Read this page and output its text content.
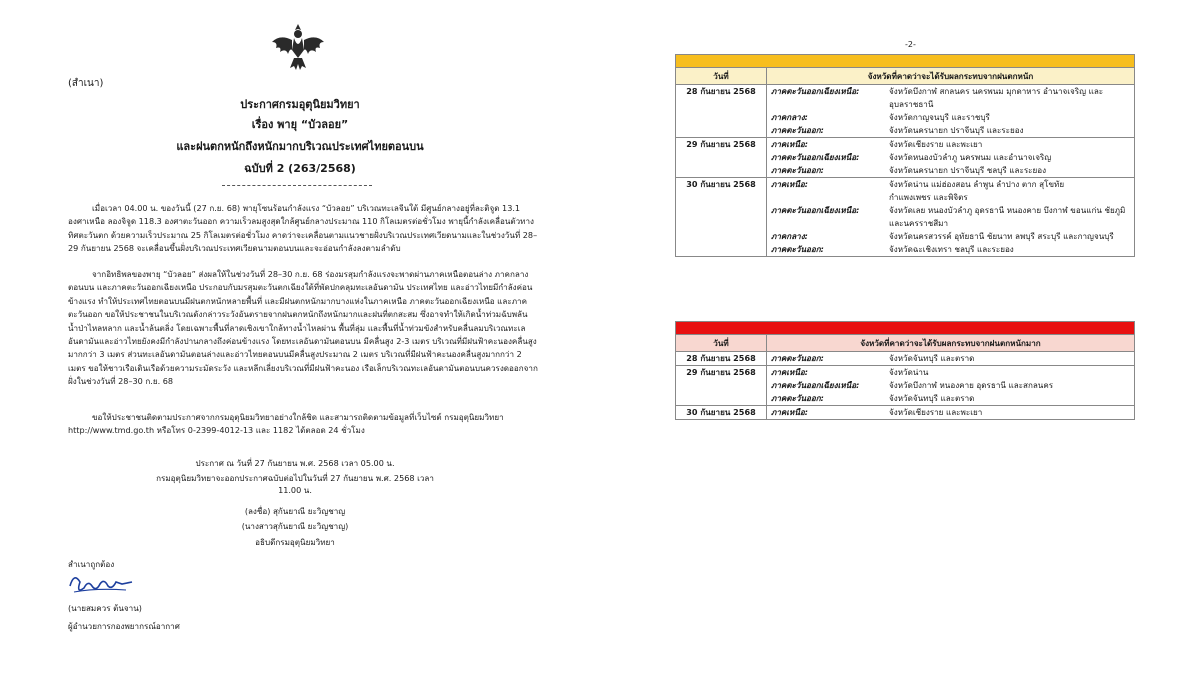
(สำเนา)
ประกาศกรมอุตุนิยมวิทยา
เรื่อง พายุ “บัวลอย”
และฝนตกหนักถึงหนักมากบริเวณประเทศไทยตอนบน
ฉบับที่ 2 (263/2568)
เมื่อเวลา 04.00 น. ของวันนี้ (27 ก.ย. 68) พายุโซนร้อนกำลังแรง “บัวลอย” บริเวณทะเลจีนใต้ มีศูนย์กลางอยู่ที่ละติจูด 13.1 องศาเหนือ ลองจิจูด 118.3 องศาตะวันออก ความเร็วลมสูงสุดใกล้ศูนย์กลางประมาณ 110 กิโลเมตรต่อชั่วโมง พายุนี้กำลังเคลื่อนตัวทางทิศตะวันตก ด้วยความเร็วประมาณ 25 กิโลเมตรต่อชั่วโมง คาดว่าจะเคลื่อนตามแนวชายฝั่งบริเวณประเทศเวียดนามและในช่วงวันที่ 28–29 กันยายน 2568 จะเคลื่อนขึ้นฝั่งบริเวณประเทศเวียดนามตอนบนและจะอ่อนกำลังลงตามลำดับ
จากอิทธิพลของพายุ “บัวลอย” ส่งผลให้ในช่วงวันที่ 28–30 ก.ย. 68 ร่องมรสุมกำลังแรงจะพาดผ่านภาคเหนือตอนล่าง ภาคกลางตอนบน และภาคตะวันออกเฉียงเหนือ ประกอบกับมรสุมตะวันตกเฉียงใต้ที่พัดปกคลุมทะเลอันดามัน ประเทศไทย และอ่าวไทยมีกำลังค่อนข้างแรง ทำให้ประเทศไทยตอนบนมีฝนตกหนักหลายพื้นที่ และมีฝนตกหนักมากบางแห่งในภาคเหนือ ภาคตะวันออกเฉียงเหนือ และภาคตะวันออก ขอให้ประชาชนในบริเวณดังกล่าวระวังอันตรายจากฝนตกหนักถึงหนักมากและฝนที่ตกสะสม ซึ่งอาจทำให้เกิดน้ำท่วมฉับพลัน น้ำป่าไหลหลาก และน้ำล้นตลิ่ง โดยเฉพาะพื้นที่ลาดเชิงเขาใกล้ทางน้ำไหลผ่าน พื้นที่ลุ่ม และพื้นที่น้ำท่วมขังสำหรับคลื่นลมบริเวณทะเลอันดามันและอ่าวไทยยังคงมีกำลังปานกลางถึงค่อนข้างแรง โดยทะเลอันดามันตอนบน มีคลื่นสูง 2-3 เมตร บริเวณที่มีฝนฟ้าคะนองคลื่นสูงมากกว่า 3 เมตร ส่วนทะเลอันดามันตอนล่างและอ่าวไทยตอนบนมีคลื่นสูงประมาณ 2 เมตร บริเวณที่มีฝนฟ้าคะนองคลื่นสูงมากกว่า 2 เมตร ขอให้ชาวเรือเดินเรือด้วยความระมัดระวัง และหลีกเลี่ยงบริเวณที่มีฝนฟ้าคะนอง เรือเล็กบริเวณทะเลอันดามันตอนบนควรงดออกจากฝั่งในช่วงวันที่ 28–30 ก.ย. 68
ขอให้ประชาชนติดตามประกาศจากกรมอุตุนิยมวิทยาอย่างใกล้ชิด และสามารถติดตามข้อมูลที่เว็บไซต์ กรมอุตุนิยมวิทยา http://www.tmd.go.th หรือโทร 0-2399-4012-13 และ 1182 ได้ตลอด 24 ชั่วโมง
ประกาศ ณ วันที่ 27 กันยายน พ.ศ. 2568 เวลา 05.00 น.
กรมอุตุนิยมวิทยาจะออกประกาศฉบับต่อไปในวันที่ 27 กันยายน พ.ศ. 2568 เวลา 11.00 น.
(ลงชื่อ) สุกันยาณี ยะวิญชาญ
(นางสาวสุกันยาณี ยะวิญชาญ)
อธิบดีกรมอุตุนิยมวิทยา
สำเนาถูกต้อง
(นายสมควร ต้นจาน)
ผู้อำนวยการกองพยากรณ์อากาศ
-2-

วันที่	จังหวัดที่คาดว่าจะได้รับผลกระทบจากฝนตกหนัก	
28 กันยายน 2568	ภาคตะวันออกเฉียงเหนือ:	จังหวัดบึงกาฬ สกลนคร นครพนม มุกดาหาร อำนาจเจริญ และ
		อุบลราชธานี
	ภาคกลาง:	จังหวัดกาญจนบุรี และราชบุรี
	ภาคตะวันออก:	จังหวัดนครนายก ปราจีนบุรี และระยอง
29 กันยายน 2568	ภาคเหนือ:	จังหวัดเชียงราย และพะเยา
	ภาคตะวันออกเฉียงเหนือ:	จังหวัดหนองบัวลำภู นครพนม และอำนาจเจริญ
	ภาคตะวันออก:	จังหวัดนครนายก ปราจีนบุรี ชลบุรี และระยอง
30 กันยายน 2568	ภาคเหนือ:	จังหวัดน่าน แม่ฮ่องสอน ลำพูน ลำปาง ตาก สุโขทัย
		กำแพงเพชร และพิจิตร
	ภาคตะวันออกเฉียงเหนือ:	จังหวัดเลย หนองบัวลำภู อุดรธานี หนองคาย บึงกาฬ ขอนแก่น ชัยภูมิ
		และนครราชสีมา
	ภาคกลาง:	จังหวัดนครสวรรค์ อุทัยธานี ชัยนาท ลพบุรี สระบุรี และกาญจนบุรี
	ภาคตะวันออก:	จังหวัดฉะเชิงเทรา ชลบุรี และระยอง

วันที่	จังหวัดที่คาดว่าจะได้รับผลกระทบจากฝนตกหนักมาก	
28 กันยายน 2568	ภาคตะวันออก:	จังหวัดจันทบุรี และตราด
29 กันยายน 2568	ภาคเหนือ:	จังหวัดน่าน
	ภาคตะวันออกเฉียงเหนือ:	จังหวัดบึงกาฬ หนองคาย อุดรธานี และสกลนคร
	ภาคตะวันออก:	จังหวัดจันทบุรี และตราด
30 กันยายน 2568	ภาคเหนือ:	จังหวัดเชียงราย และพะเยา
